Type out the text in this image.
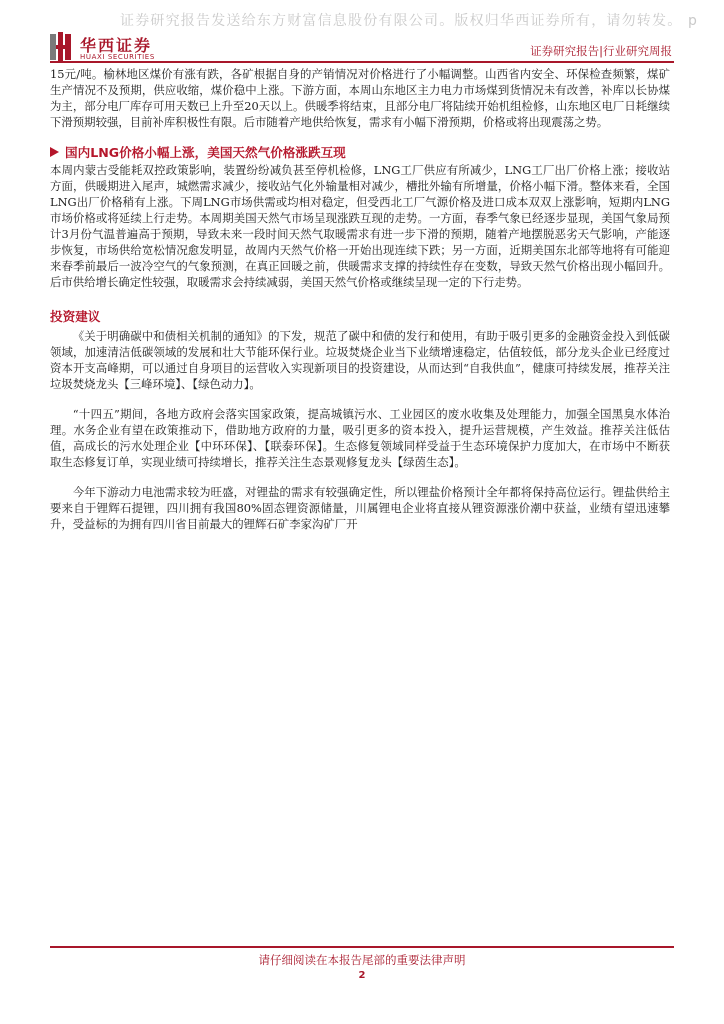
证券研究报告发送给东方财富信息股份有限公司。版权归华西证券所有，请勿转发。 p
华西证券
HUAXI SECURITIES	证券研究报告|行业研究周报

15元/吨。榆林地区煤价有涨有跌，各矿根据自身的产销情况对价格进行了小幅调整。山西省内安全、环保检查频繁，煤矿生产情况不及预期，供应收缩，煤价稳中上涨。下游方面，本周山东地区主力电力市场煤到货情况未有改善，补库以长协煤为主，部分电厂库存可用天数已上升至20天以上。供暖季将结束，且部分电厂将陆续开始机组检修，山东地区电厂日耗继续下滑预期较强，目前补库积极性有限。后市随着产地供给恢复，需求有小幅下滑预期，价格或将出现震荡之势。

国内LNG价格小幅上涨，美国天然气价格涨跌互现

本周内蒙古受能耗双控政策影响，装置纷纷减负甚至停机检修，LNG工厂供应有所减少，LNG工厂出厂价格上涨；接收站方面，供暖期进入尾声，城燃需求减少，接收站气化外输量相对减少，槽批外输有所增量，价格小幅下滑。整体来看，全国LNG出厂价格稍有上涨。下周LNG市场供需或均相对稳定，但受西北工厂气源价格及进口成本双双上涨影响，短期内LNG市场价格或将延续上行走势。本周期美国天然气市场呈现涨跌互现的走势。一方面，春季气象已经逐步显现，美国气象局预计3月份气温普遍高于预期，导致未来一段时间天然气取暖需求有进一步下滑的预期，随着产地摆脱恶劣天气影响，产能逐步恢复，市场供给宽松情况愈发明显，故周内天然气价格一开始出现连续下跌；另一方面，近期美国东北部等地将有可能迎来春季前最后一波冷空气的气象预测，在真正回暖之前，供暖需求支撑的持续性存在变数，导致天然气价格出现小幅回升。后市供给增长确定性较强，取暖需求会持续减弱，美国天然气价格或继续呈现一定的下行走势。

投资建议

《关于明确碳中和债相关机制的通知》的下发，规范了碳中和债的发行和使用，有助于吸引更多的金融资金投入到低碳领域，加速清洁低碳领域的发展和壮大节能环保行业。垃圾焚烧企业当下业绩增速稳定，估值较低，部分龙头企业已经度过资本开支高峰期，可以通过自身项目的运营收入实现新项目的投资建设，从而达到“自我供血”，健康可持续发展，推荐关注垃圾焚烧龙头【三峰环境】、【绿色动力】。

“十四五”期间，各地方政府会落实国家政策，提高城镇污水、工业园区的废水收集及处理能力，加强全国黑臭水体治理。水务企业有望在政策推动下，借助地方政府的力量，吸引更多的资本投入，提升运营规模，产生效益。推荐关注低估值，高成长的污水处理企业【中环环保】、【联泰环保】。生态修复领域同样受益于生态环境保护力度加大，在市场中不断获取生态修复订单，实现业绩可持续增长，推荐关注生态景观修复龙头【绿茵生态】。

今年下游动力电池需求较为旺盛，对锂盐的需求有较强确定性，所以锂盐价格预计全年都将保持高位运行。锂盐供给主要来自于锂辉石提锂，四川拥有我国80%固态锂资源储量，川属锂电企业将直接从锂资源涨价潮中获益，业绩有望迅速攀升，受益标的为拥有四川省目前最大的锂辉石矿李家沟矿厂开

请仔细阅读在本报告尾部的重要法律声明
2
